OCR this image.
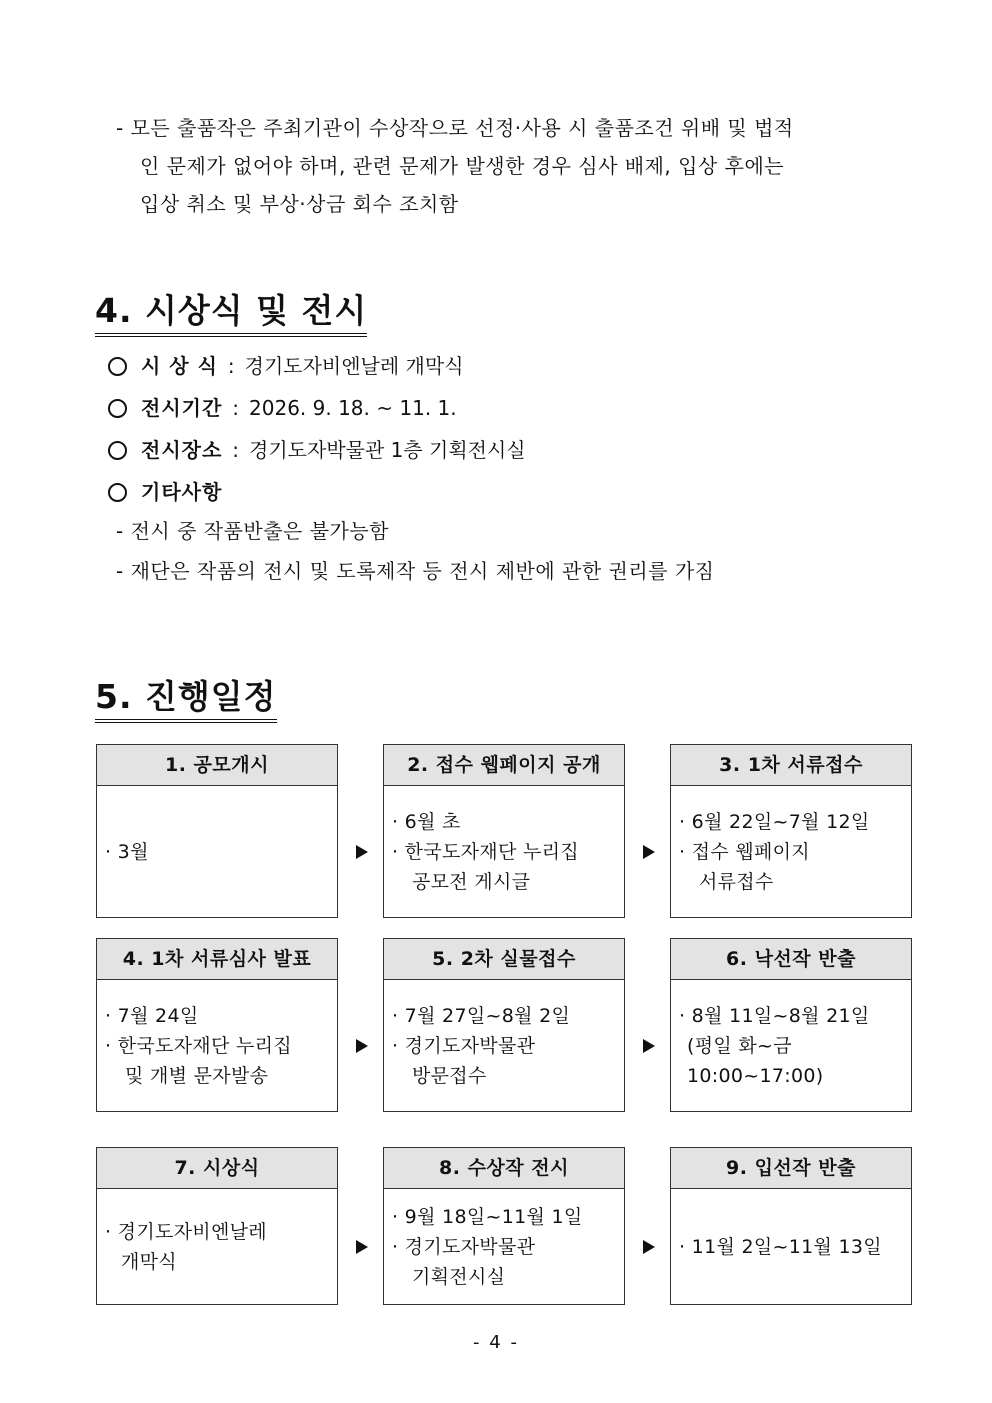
- 모든 출품작은 주최기관이 수상작으로 선정·사용 시 출품조건 위배 및 법적
인 문제가 없어야 하며, 관련 문제가 발생한 경우 심사 배제, 입상 후에는
입상 취소 및 부상·상금 회수 조치함
4. 시상식 및 전시
시 상 식 : 경기도자비엔날레 개막식
전시기간 : 2026. 9. 18. ~ 11. 1.
전시장소 : 경기도자박물관 1층 기획전시실
기타사항
- 전시 중 작품반출은 불가능함
- 재단은 작품의 전시 및 도록제작 등 전시 제반에 관한 권리를 가짐
5. 진행일정
1. 공모개시
· 3월
2. 접수 웹페이지 공개
· 6월 초
· 한국도자재단 누리집
공모전 게시글
3. 1차 서류접수
· 6월 22일~7월 12일
· 접수 웹페이지
서류접수
4. 1차 서류심사 발표
· 7월 24일
· 한국도자재단 누리집
및 개별 문자발송
5. 2차 실물접수
· 7월 27일~8월 2일
· 경기도자박물관
방문접수
6. 낙선작 반출
· 8월 11일~8월 21일
(평일 화~금
10:00~17:00)
7. 시상식
· 경기도자비엔날레
개막식
8. 수상작 전시
· 9월 18일~11월 1일
· 경기도자박물관
기획전시실
9. 입선작 반출
· 11월 2일~11월 13일
- 4 -
